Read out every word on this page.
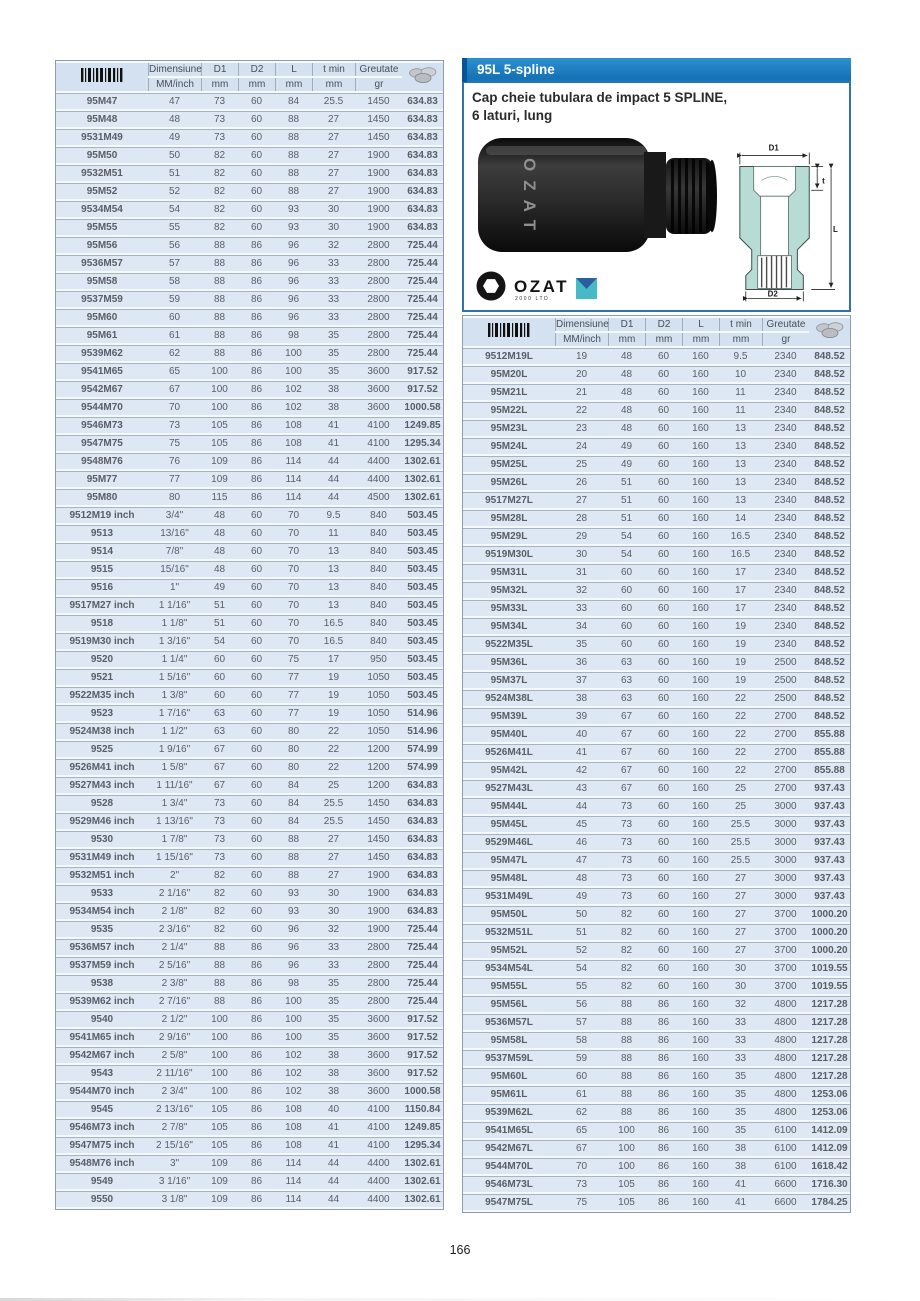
	Dimensiune	D1	D2	L	t min	Greutate	
	MM/inch	mm	mm	mm	mm	gr	
95M47	47	73	60	84	25.5	1450	634.83
95M48	48	73	60	88	27	1450	634.83
9531M49	49	73	60	88	27	1450	634.83
95M50	50	82	60	88	27	1900	634.83
9532M51	51	82	60	88	27	1900	634.83
95M52	52	82	60	88	27	1900	634.83
9534M54	54	82	60	93	30	1900	634.83
95M55	55	82	60	93	30	1900	634.83
95M56	56	88	86	96	32	2800	725.44
9536M57	57	88	86	96	33	2800	725.44
95M58	58	88	86	96	33	2800	725.44
9537M59	59	88	86	96	33	2800	725.44
95M60	60	88	86	96	33	2800	725.44
95M61	61	88	86	98	35	2800	725.44
9539M62	62	88	86	100	35	2800	725.44
9541M65	65	100	86	100	35	3600	917.52
9542M67	67	100	86	102	38	3600	917.52
9544M70	70	100	86	102	38	3600	1000.58
9546M73	73	105	86	108	41	4100	1249.85
9547M75	75	105	86	108	41	4100	1295.34
9548M76	76	109	86	114	44	4400	1302.61
95M77	77	109	86	114	44	4400	1302.61
95M80	80	115	86	114	44	4500	1302.61
9512M19 inch	3/4"	48	60	70	9.5	840	503.45
9513	13/16"	48	60	70	11	840	503.45
9514	7/8"	48	60	70	13	840	503.45
9515	15/16"	48	60	70	13	840	503.45
9516	1"	49	60	70	13	840	503.45
9517M27 inch	1 1/16"	51	60	70	13	840	503.45
9518	1 1/8"	51	60	70	16.5	840	503.45
9519M30 inch	1 3/16"	54	60	70	16.5	840	503.45
9520	1 1/4"	60	60	75	17	950	503.45
9521	1 5/16"	60	60	77	19	1050	503.45
9522M35 inch	1 3/8"	60	60	77	19	1050	503.45
9523	1 7/16"	63	60	77	19	1050	514.96
9524M38 inch	1 1/2"	63	60	80	22	1050	514.96
9525	1 9/16"	67	60	80	22	1200	574.99
9526M41 inch	1 5/8"	67	60	80	22	1200	574.99
9527M43 inch	1 11/16"	67	60	84	25	1200	634.83
9528	1 3/4"	73	60	84	25.5	1450	634.83
9529M46 inch	1 13/16"	73	60	84	25.5	1450	634.83
9530	1 7/8"	73	60	88	27	1450	634.83
9531M49 inch	1 15/16"	73	60	88	27	1450	634.83
9532M51 inch	2"	82	60	88	27	1900	634.83
9533	2 1/16"	82	60	93	30	1900	634.83
9534M54 inch	2 1/8"	82	60	93	30	1900	634.83
9535	2 3/16"	82	60	96	32	1900	725.44
9536M57 inch	2 1/4"	88	86	96	33	2800	725.44
9537M59 inch	2 5/16"	88	86	96	33	2800	725.44
9538	2 3/8"	88	86	98	35	2800	725.44
9539M62 inch	2 7/16"	88	86	100	35	2800	725.44
9540	2 1/2"	100	86	100	35	3600	917.52
9541M65 inch	2 9/16"	100	86	100	35	3600	917.52
9542M67 inch	2 5/8"	100	86	102	38	3600	917.52
9543	2 11/16"	100	86	102	38	3600	917.52
9544M70 inch	2 3/4"	100	86	102	38	3600	1000.58
9545	2 13/16"	105	86	108	40	4100	1150.84
9546M73 inch	2 7/8"	105	86	108	41	4100	1249.85
9547M75 inch	2 15/16"	105	86	108	41	4100	1295.34
9548M76 inch	3"	109	86	114	44	4400	1302.61
9549	3 1/16"	109	86	114	44	4400	1302.61
9550	3 1/8"	109	86	114	44	4400	1302.61
95L 5-spline
Cap cheie tubulara de impact 5 SPLINE,
6 laturi, lung
OZAT
OZAT
2000 LTD.
D1
t
L
D2
	Dimensiune	D1	D2	L	t min	Greutate	
	MM/inch	mm	mm	mm	mm	gr	
9512M19L	19	48	60	160	9.5	2340	848.52
95M20L	20	48	60	160	10	2340	848.52
95M21L	21	48	60	160	11	2340	848.52
95M22L	22	48	60	160	11	2340	848.52
95M23L	23	48	60	160	13	2340	848.52
95M24L	24	49	60	160	13	2340	848.52
95M25L	25	49	60	160	13	2340	848.52
95M26L	26	51	60	160	13	2340	848.52
9517M27L	27	51	60	160	13	2340	848.52
95M28L	28	51	60	160	14	2340	848.52
95M29L	29	54	60	160	16.5	2340	848.52
9519M30L	30	54	60	160	16.5	2340	848.52
95M31L	31	60	60	160	17	2340	848.52
95M32L	32	60	60	160	17	2340	848.52
95M33L	33	60	60	160	17	2340	848.52
95M34L	34	60	60	160	19	2340	848.52
9522M35L	35	60	60	160	19	2340	848.52
95M36L	36	63	60	160	19	2500	848.52
95M37L	37	63	60	160	19	2500	848.52
9524M38L	38	63	60	160	22	2500	848.52
95M39L	39	67	60	160	22	2700	848.52
95M40L	40	67	60	160	22	2700	855.88
9526M41L	41	67	60	160	22	2700	855.88
95M42L	42	67	60	160	22	2700	855.88
9527M43L	43	67	60	160	25	2700	937.43
95M44L	44	73	60	160	25	3000	937.43
95M45L	45	73	60	160	25.5	3000	937.43
9529M46L	46	73	60	160	25.5	3000	937.43
95M47L	47	73	60	160	25.5	3000	937.43
95M48L	48	73	60	160	27	3000	937.43
9531M49L	49	73	60	160	27	3000	937.43
95M50L	50	82	60	160	27	3700	1000.20
9532M51L	51	82	60	160	27	3700	1000.20
95M52L	52	82	60	160	27	3700	1000.20
9534M54L	54	82	60	160	30	3700	1019.55
95M55L	55	82	60	160	30	3700	1019.55
95M56L	56	88	86	160	32	4800	1217.28
9536M57L	57	88	86	160	33	4800	1217.28
95M58L	58	88	86	160	33	4800	1217.28
9537M59L	59	88	86	160	33	4800	1217.28
95M60L	60	88	86	160	35	4800	1217.28
95M61L	61	88	86	160	35	4800	1253.06
9539M62L	62	88	86	160	35	4800	1253.06
9541M65L	65	100	86	160	35	6100	1412.09
9542M67L	67	100	86	160	38	6100	1412.09
9544M70L	70	100	86	160	38	6100	1618.42
9546M73L	73	105	86	160	41	6600	1716.30
9547M75L	75	105	86	160	41	6600	1784.25
166
